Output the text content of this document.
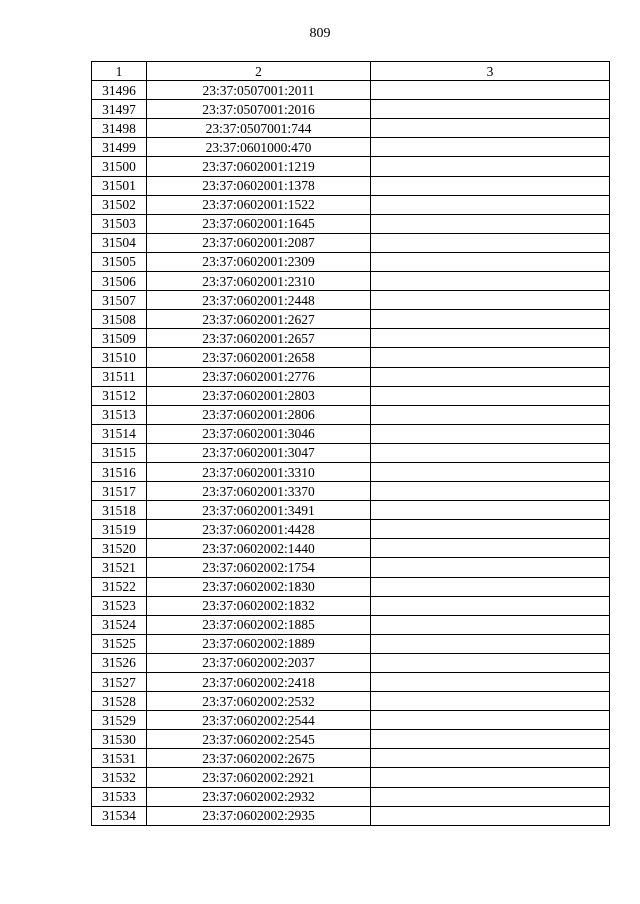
809
1	2	3
31496	23:37:0507001:2011	
31497	23:37:0507001:2016	
31498	23:37:0507001:744	
31499	23:37:0601000:470	
31500	23:37:0602001:1219	
31501	23:37:0602001:1378	
31502	23:37:0602001:1522	
31503	23:37:0602001:1645	
31504	23:37:0602001:2087	
31505	23:37:0602001:2309	
31506	23:37:0602001:2310	
31507	23:37:0602001:2448	
31508	23:37:0602001:2627	
31509	23:37:0602001:2657	
31510	23:37:0602001:2658	
31511	23:37:0602001:2776	
31512	23:37:0602001:2803	
31513	23:37:0602001:2806	
31514	23:37:0602001:3046	
31515	23:37:0602001:3047	
31516	23:37:0602001:3310	
31517	23:37:0602001:3370	
31518	23:37:0602001:3491	
31519	23:37:0602001:4428	
31520	23:37:0602002:1440	
31521	23:37:0602002:1754	
31522	23:37:0602002:1830	
31523	23:37:0602002:1832	
31524	23:37:0602002:1885	
31525	23:37:0602002:1889	
31526	23:37:0602002:2037	
31527	23:37:0602002:2418	
31528	23:37:0602002:2532	
31529	23:37:0602002:2544	
31530	23:37:0602002:2545	
31531	23:37:0602002:2675	
31532	23:37:0602002:2921	
31533	23:37:0602002:2932	
31534	23:37:0602002:2935	
